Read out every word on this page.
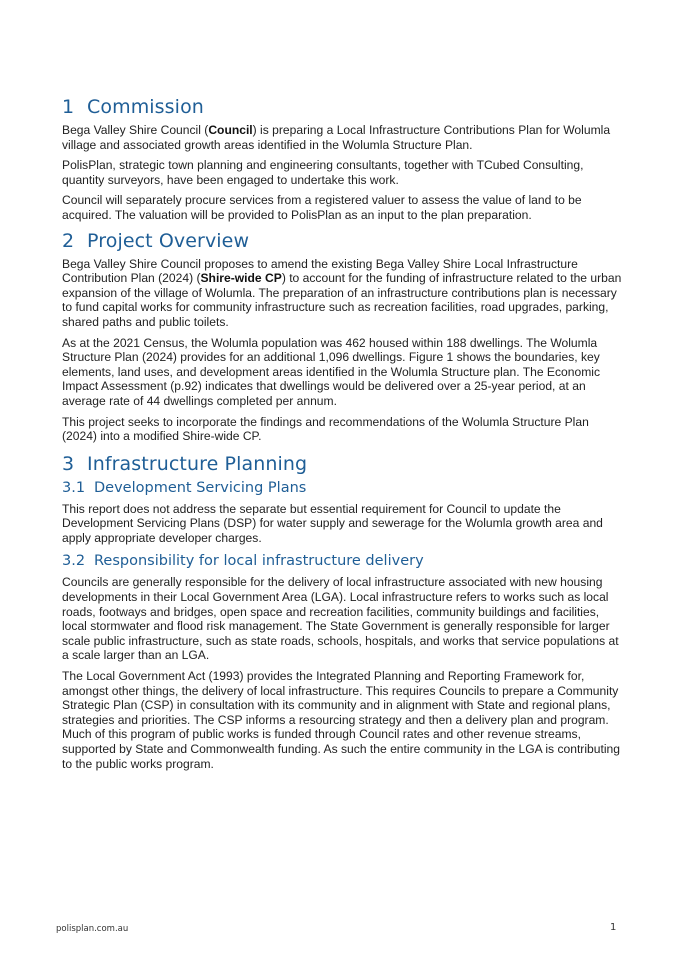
1 Commission

Bega Valley Shire Council (Council) is preparing a Local Infrastructure Contributions Plan for Wolumla village and associated growth areas identified in the Wolumla Structure Plan.

PolisPlan, strategic town planning and engineering consultants, together with TCubed Consulting, quantity surveyors, have been engaged to undertake this work.

Council will separately procure services from a registered valuer to assess the value of land to be acquired. The valuation will be provided to PolisPlan as an input to the plan preparation.

2 Project Overview

Bega Valley Shire Council proposes to amend the existing Bega Valley Shire Local Infrastructure Contribution Plan (2024) (Shire-wide CP) to account for the funding of infrastructure related to the urban expansion of the village of Wolumla. The preparation of an infrastructure contributions plan is necessary to fund capital works for community infrastructure such as recreation facilities, road upgrades, parking, shared paths and public toilets.

As at the 2021 Census, the Wolumla population was 462 housed within 188 dwellings. The Wolumla Structure Plan (2024) provides for an additional 1,096 dwellings. Figure 1 shows the boundaries, key elements, land uses, and development areas identified in the Wolumla Structure plan. The Economic Impact Assessment (p.92) indicates that dwellings would be delivered over a 25-year period, at an average rate of 44 dwellings completed per annum.

This project seeks to incorporate the findings and recommendations of the Wolumla Structure Plan (2024) into a modified Shire-wide CP.

3 Infrastructure Planning
3.1 Development Servicing Plans

This report does not address the separate but essential requirement for Council to update the Development Servicing Plans (DSP) for water supply and sewerage for the Wolumla growth area and apply appropriate developer charges.

3.2 Responsibility for local infrastructure delivery

Councils are generally responsible for the delivery of local infrastructure associated with new housing developments in their Local Government Area (LGA). Local infrastructure refers to works such as local roads, footways and bridges, open space and recreation facilities, community buildings and facilities, local stormwater and flood risk management. The State Government is generally responsible for larger scale public infrastructure, such as state roads, schools, hospitals, and works that service populations at a scale larger than an LGA.

The Local Government Act (1993) provides the Integrated Planning and Reporting Framework for, amongst other things, the delivery of local infrastructure. This requires Councils to prepare a Community Strategic Plan (CSP) in consultation with its community and in alignment with State and regional plans, strategies and priorities. The CSP informs a resourcing strategy and then a delivery plan and program. Much of this program of public works is funded through Council rates and other revenue streams, supported by State and Commonwealth funding. As such the entire community in the LGA is contributing to the public works program.

polisplan.com.au	1
